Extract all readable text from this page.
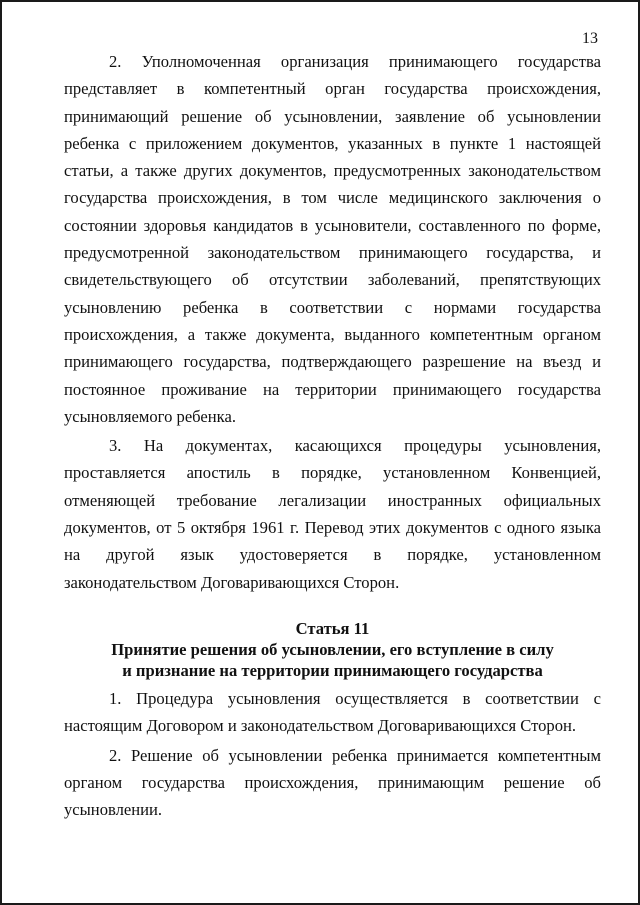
13

2. Уполномоченная организация принимающего государства представляет в компетентный орган государства происхождения, принимающий решение об усыновлении, заявление об усыновлении ребенка с приложением документов, указанных в пункте 1 настоящей статьи, а также других документов, предусмотренных законодательством государства происхождения, в том числе медицинского заключения о состоянии здоровья кандидатов в усыновители, составленного по форме, предусмотренной законодательством принимающего государства, и свидетельствующего об отсутствии заболеваний, препятствующих усыновлению ребенка в соответствии с нормами государства происхождения, а также документа, выданного компетентным органом принимающего государства, подтверждающего разрешение на въезд и постоянное проживание на территории принимающего государства усыновляемого ребенка.

3. На документах, касающихся процедуры усыновления, проставляется апостиль в порядке, установленном Конвенцией, отменяющей требование легализации иностранных официальных документов, от 5 октября 1961 г. Перевод этих документов с одного языка на другой язык удостоверяется в порядке, установленном законодательством Договаривающихся Сторон.

Статья 11
Принятие решения об усыновлении, его вступление в силу
и признание на территории принимающего государства

1. Процедура усыновления осуществляется в соответствии с настоящим Договором и законодательством Договаривающихся Сторон.

2. Решение об усыновлении ребенка принимается компетентным органом государства происхождения, принимающим решение об усыновлении.
